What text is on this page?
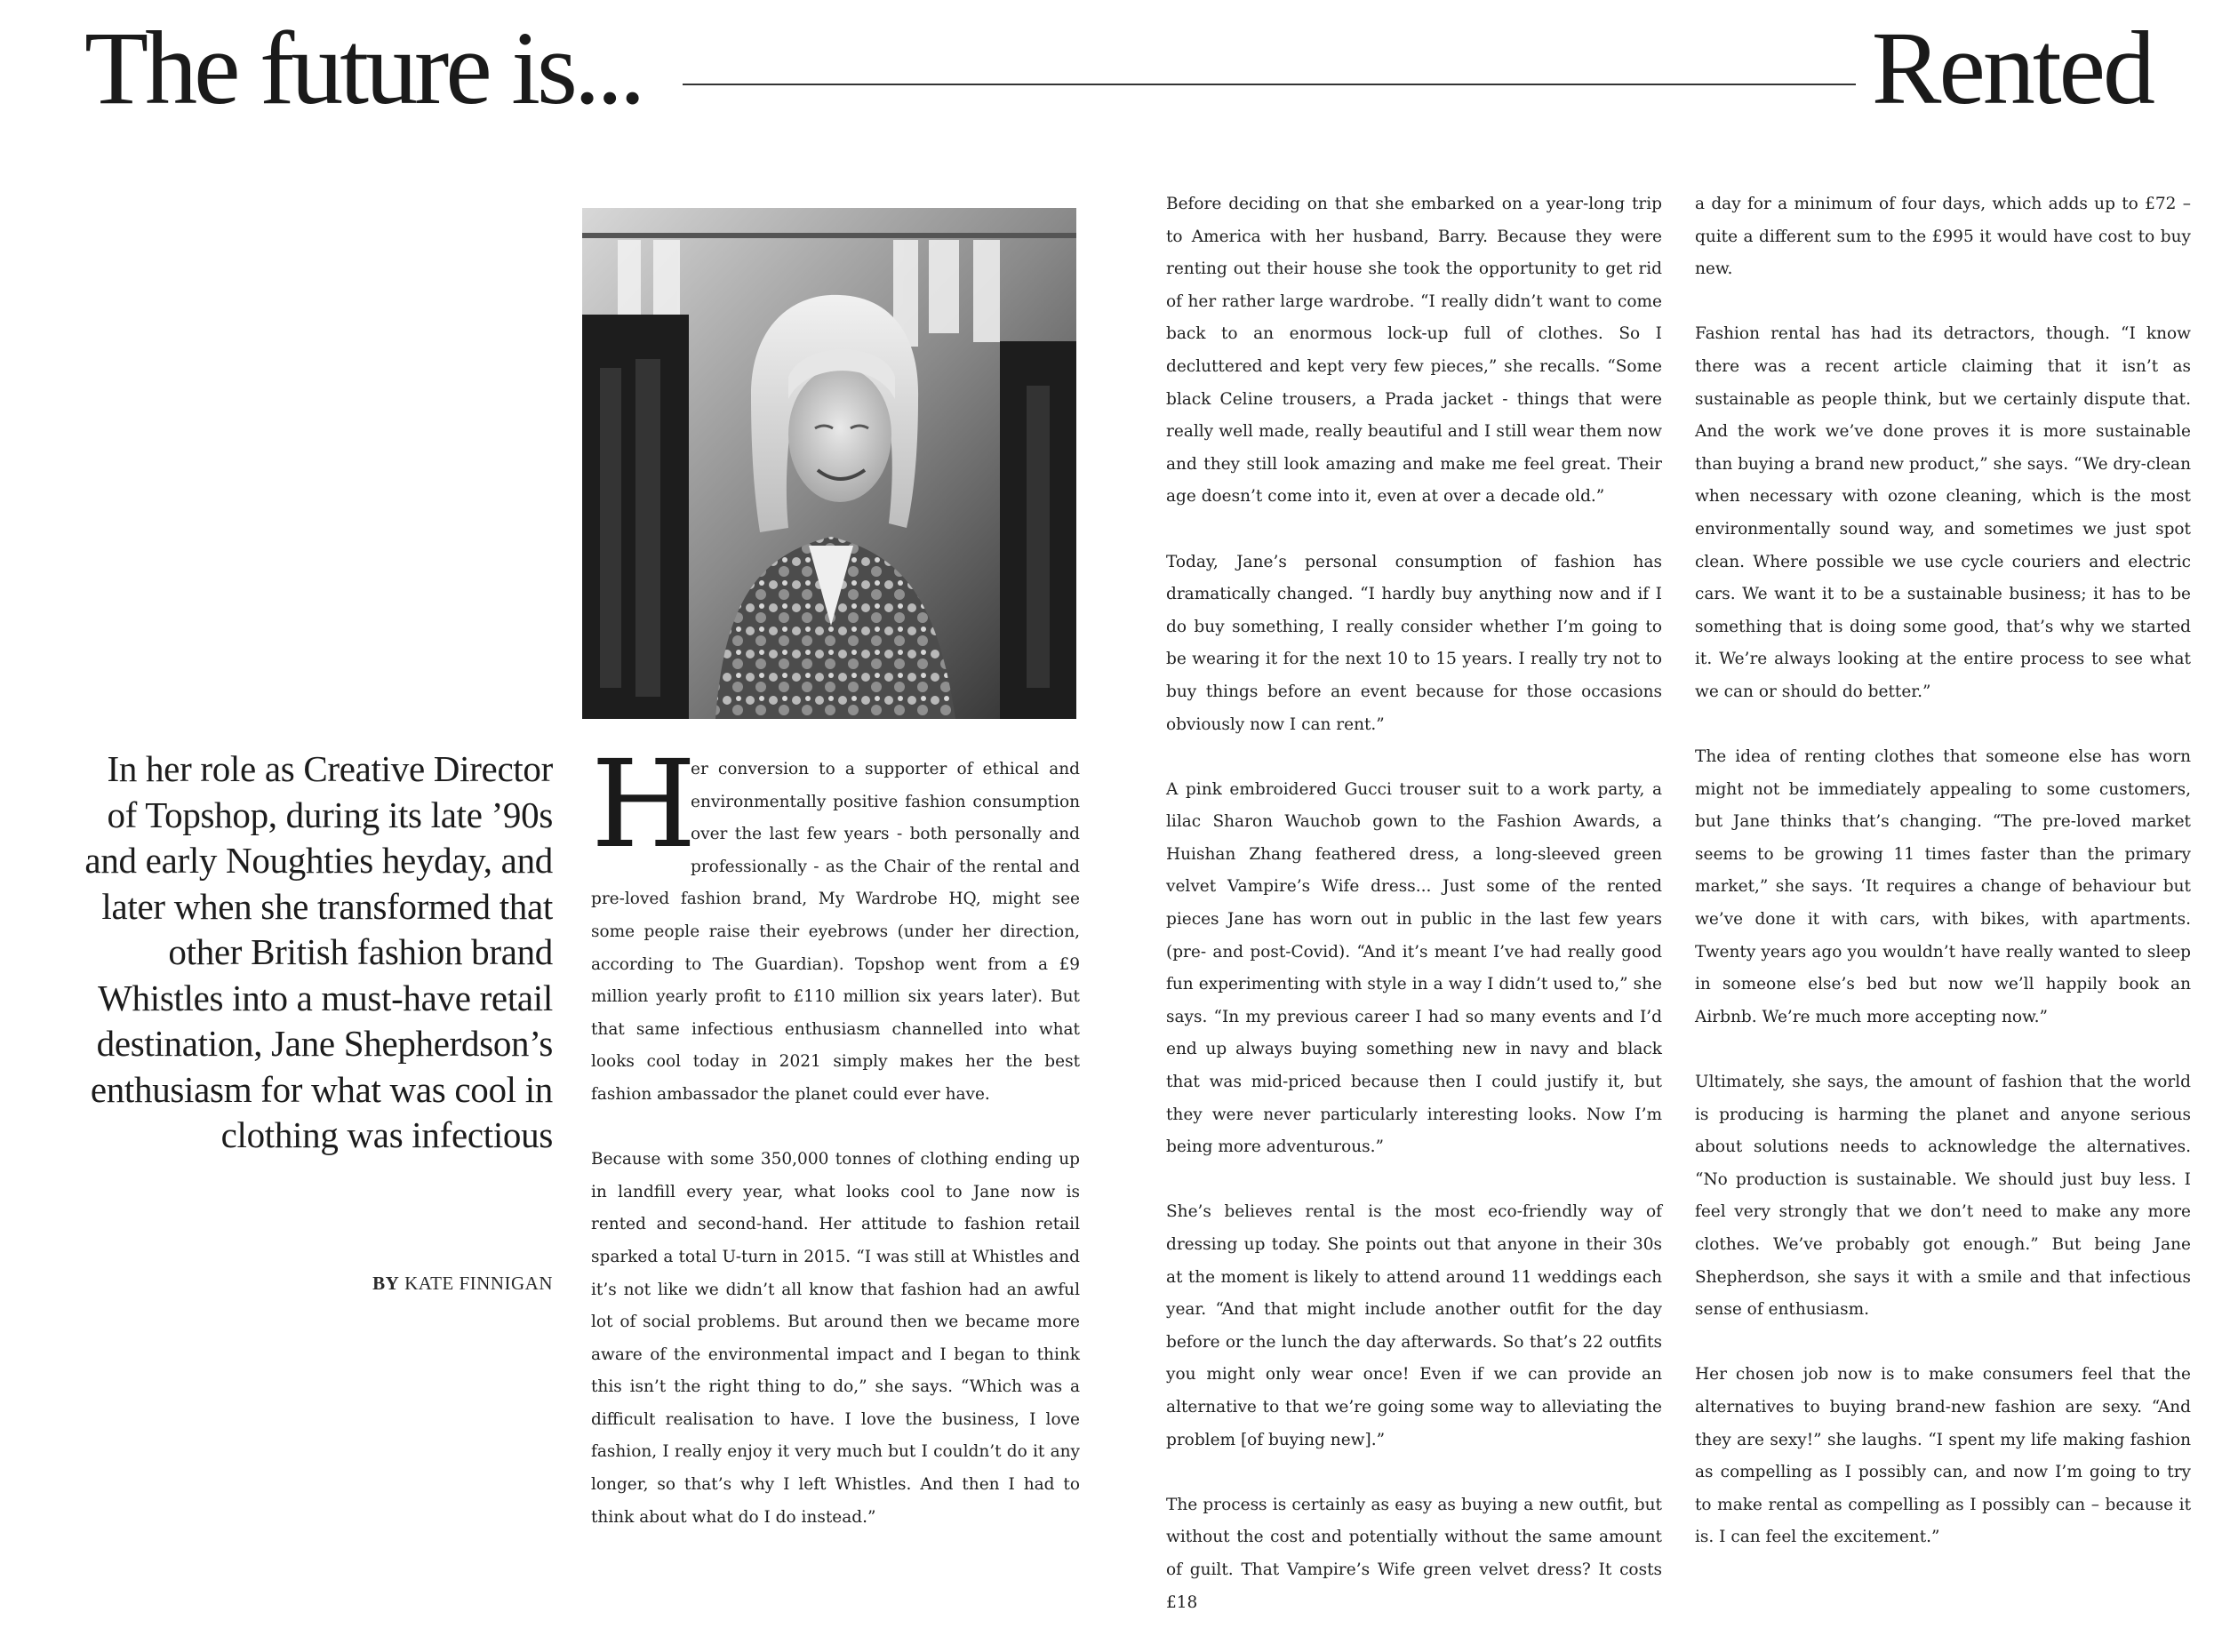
The future is...	Rented
In her role as Creative Director of Topshop, during its late ’90s and early Noughties heyday, and later when she transformed that other British fashion brand Whistles into a must-have retail destination, Jane Shepherdson’s enthusiasm for what was cool in clothing was infectious
BY KATE FINNIGAN

H
er conversion to a supporter of ethical and environmentally positive fashion consumption over the last few years - both personally and professionally - as the Chair of the rental and pre-loved fashion brand, My Wardrobe HQ, might see some people raise their eyebrows (under her direction, according to The Guardian). Topshop went from a £9 million yearly profit to £110 million six years later). But that same infectious enthusiasm channelled into what looks cool today in 2021 simply makes her the best fashion ambassador the planet could ever have.

Because with some 350,000 tonnes of clothing ending up in landfill every year, what looks cool to Jane now is rented and second-hand. Her attitude to fashion retail sparked a total U-turn in 2015. “I was still at Whistles and it’s not like we didn’t all know that fashion had an awful lot of social problems. But around then we became more aware of the environmental impact and I began to think this isn’t the right thing to do,” she says. “Which was a difficult realisation to have. I love the business, I love fashion, I really enjoy it very much but I couldn’t do it any longer, so that’s why I left Whistles. And then I had to think about what do I do instead.”

Before deciding on that she embarked on a year-long trip to America with her husband, Barry. Because they were renting out their house she took the opportunity to get rid of her rather large wardrobe. “I really didn’t want to come back to an enormous lock-up full of clothes. So I decluttered and kept very few pieces,” she recalls. “Some black Celine trousers, a Prada jacket - things that were really well made, really beautiful and I still wear them now and they still look amazing and make me feel great. Their age doesn’t come into it, even at over a decade old.”

Today, Jane’s personal consumption of fashion has dramatically changed. “I hardly buy anything now and if I do buy something, I really consider whether I’m going to be wearing it for the next 10 to 15 years. I really try not to buy things before an event because for those occasions obviously now I can rent.”

A pink embroidered Gucci trouser suit to a work party, a lilac Sharon Wauchob gown to the Fashion Awards, a Huishan Zhang feathered dress, a long-sleeved green velvet Vampire’s Wife dress... Just some of the rented pieces Jane has worn out in public in the last few years (pre- and post-Covid). “And it’s meant I’ve had really good fun experimenting with style in a way I didn’t used to,” she says. “In my previous career I had so many events and I’d end up always buying something new in navy and black that was mid-priced because then I could justify it, but they were never particularly interesting looks. Now I’m being more adventurous.”

She’s believes rental is the most eco-friendly way of dressing up today. She points out that anyone in their 30s at the moment is likely to attend around 11 weddings each year. “And that might include another outfit for the day before or the lunch the day afterwards. So that’s 22 outfits you might only wear once! Even if we can provide an alternative to that we’re going some way to alleviating the problem [of buying new].”

The process is certainly as easy as buying a new outfit, but without the cost and potentially without the same amount of guilt. That Vampire’s Wife green velvet dress? It costs £18

a day for a minimum of four days, which adds up to £72 – quite a different sum to the £995 it would have cost to buy new.

Fashion rental has had its detractors, though. “I know there was a recent article claiming that it isn’t as sustainable as people think, but we certainly dispute that. And the work we’ve done proves it is more sustainable than buying a brand new product,” she says. “We dry-clean when necessary with ozone cleaning, which is the most environmentally sound way, and sometimes we just spot clean. Where possible we use cycle couriers and electric cars. We want it to be a sustainable business; it has to be something that is doing some good, that’s why we started it. We’re always looking at the entire process to see what we can or should do better.”

The idea of renting clothes that someone else has worn might not be immediately appealing to some customers, but Jane thinks that’s changing. “The pre-loved market seems to be growing 11 times faster than the primary market,” she says. ‘It requires a change of behaviour but we’ve done it with cars, with bikes, with apartments. Twenty years ago you wouldn’t have really wanted to sleep in someone else’s bed but now we’ll happily book an Airbnb. We’re much more accepting now.”

Ultimately, she says, the amount of fashion that the world is producing is harming the planet and anyone serious about solutions needs to acknowledge the alternatives. “No production is sustainable. We should just buy less. I feel very strongly that we don’t need to make any more clothes. We’ve probably got enough.” But being Jane Shepherdson, she says it with a smile and that infectious sense of enthusiasm.

Her chosen job now is to make consumers feel that the alternatives to buying brand-new fashion are sexy. “And they are sexy!” she laughs. “I spent my life making fashion as compelling as I possibly can, and now I’m going to try to make rental as compelling as I possibly can – because it is. I can feel the excitement.”
